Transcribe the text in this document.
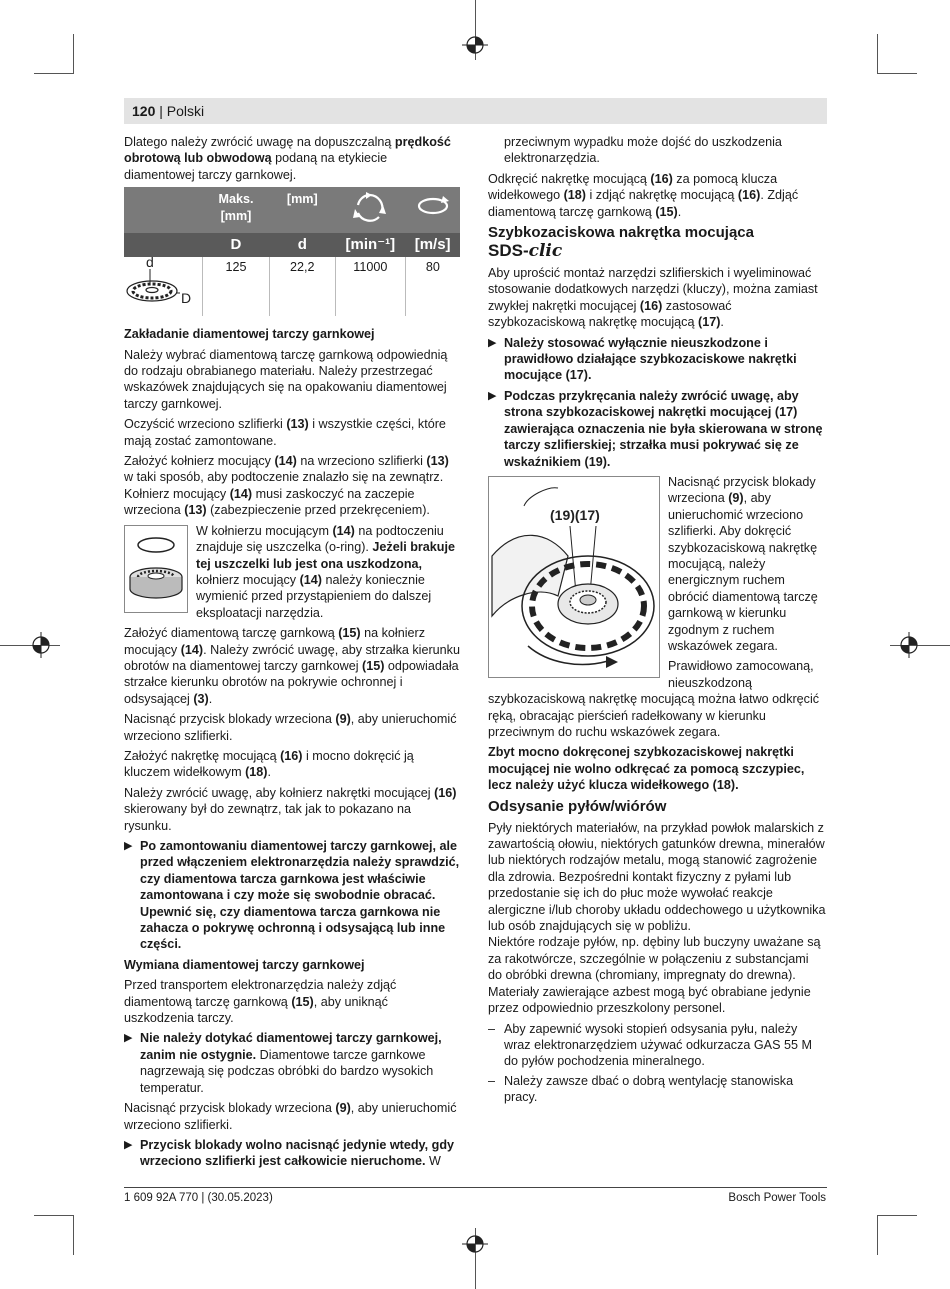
120 | Polski

Dlatego należy zwrócić uwagę na dopuszczalną prędkość obrotową lub obwodową podaną na etykiecie diamentowej tarczy garnkowej.

	Maks. [mm]	[mm]		
	D	d	[min⁻¹]	[m/s]

d
D	125	22,2	11000	80

Zakładanie diamentowej tarczy garnkowej

Należy wybrać diamentową tarczę garnkową odpowiednią do rodzaju obrabianego materiału. Należy przestrzegać wskazówek znajdujących się na opakowaniu diamentowej tarczy garnkowej.

Oczyścić wrzeciono szlifierki (13) i wszystkie części, które mają zostać zamontowane.

Założyć kołnierz mocujący (14) na wrzeciono szlifierki (13) w taki sposób, aby podtoczenie znalazło się na zewnątrz. Kołnierz mocujący (14) musi zaskoczyć na zaczepie wrzeciona (13) (zabezpieczenie przed przekręceniem).

W kołnierzu mocującym (14) na podtoczeniu znajduje się uszczelka (o-ring). Jeżeli brakuje tej uszczelki lub jest ona uszkodzona, kołnierz mocujący (14) należy koniecznie wymienić przed przystąpieniem do dalszej eksploatacji narzędzia.

Założyć diamentową tarczę garnkową (15) na kołnierz mocujący (14). Należy zwrócić uwagę, aby strzałka kierunku obrotów na diamentowej tarczy garnkowej (15) odpowiadała strzałce kierunku obrotów na pokrywie ochronnej i odsysającej (3).

Nacisnąć przycisk blokady wrzeciona (9), aby unieruchomić wrzeciono szlifierki.

Założyć nakrętkę mocującą (16) i mocno dokręcić ją kluczem widełkowym (18).

Należy zwrócić uwagę, aby kołnierz nakrętki mocującej (16) skierowany był do zewnątrz, tak jak to pokazano na rysunku.

▶ Po zamontowaniu diamentowej tarczy garnkowej, ale przed włączeniem elektronarzędzia należy sprawdzić, czy diamentowa tarcza garnkowa jest właściwie zamontowana i czy może się swobodnie obracać. Upewnić się, czy diamentowa tarcza garnkowa nie zahacza o pokrywę ochronną i odsysającą lub inne części.

Wymiana diamentowej tarczy garnkowej

Przed transportem elektronarzędzia należy zdjąć diamentową tarczę garnkową (15), aby uniknąć uszkodzenia tarczy.

▶ Nie należy dotykać diamentowej tarczy garnkowej, zanim nie ostygnie. Diamentowe tarcze garnkowe nagrzewają się podczas obróbki do bardzo wysokich temperatur.

Nacisnąć przycisk blokady wrzeciona (9), aby unieruchomić wrzeciono szlifierki.

▶ Przycisk blokady wolno nacisnąć jedynie wtedy, gdy wrzeciono szlifierki jest całkowicie nieruchome. W

przeciwnym wypadku może dojść do uszkodzenia elektronarzędzia.

Odkręcić nakrętkę mocującą (16) za pomocą klucza widełkowego (18) i zdjąć nakrętkę mocującą (16). Zdjąć diamentową tarczę garnkową (15).

Szybkozaciskowa nakrętka mocująca
SDS-clic

Aby uprościć montaż narzędzi szlifierskich i wyeliminować stosowanie dodatkowych narzędzi (kluczy), można zamiast zwykłej nakrętki mocującej (16) zastosować szybkozaciskową nakrętkę mocującą (17).

▶ Należy stosować wyłącznie nieuszkodzone i prawidłowo działające szybkozaciskowe nakrętki mocujące (17).
▶ Podczas przykręcania należy zwrócić uwagę, aby strona szybkozaciskowej nakrętki mocującej (17) zawierająca oznaczenia nie była skierowana w stronę tarczy szlifierskiej; strzałka musi pokrywać się ze wskaźnikiem (19).
(19)(17)

Nacisnąć przycisk blokady wrzeciona (9), aby unieruchomić wrzeciono szlifierki. Aby dokręcić szybkozaciskową nakrętkę mocującą, należy energicznym ruchem obrócić diamentową tarczę garnkową w kierunku zgodnym z ruchem wskazówek zegara.

Prawidłowo zamocowaną, nieuszkodzoną szybkozaciskową nakrętkę mocującą można łatwo odkręcić ręką, obracając pierścień radełkowany w kierunku przeciwnym do ruchu wskazówek zegara.

Zbyt mocno dokręconej szybkozaciskowej nakrętki mocującej nie wolno odkręcać za pomocą szczypiec, lecz należy użyć klucza widełkowego (18).

Odsysanie pyłów/wiórów

Pyły niektórych materiałów, na przykład powłok malarskich z zawartością ołowiu, niektórych gatunków drewna, minerałów lub niektórych rodzajów metalu, mogą stanowić zagrożenie dla zdrowia. Bezpośredni kontakt fizyczny z pyłami lub przedostanie się ich do płuc może wywołać reakcje alergiczne i/lub choroby układu oddechowego u użytkownika lub osób znajdujących się w pobliżu.

Niektóre rodzaje pyłów, np. dębiny lub buczyny uważane są za rakotwórcze, szczególnie w połączeniu z substancjami do obróbki drewna (chromiany, impregnaty do drewna). Materiały zawierające azbest mogą być obrabiane jedynie przez odpowiednio przeszkolony personel.

– Aby zapewnić wysoki stopień odsysania pyłu, należy wraz elektronarzędziem używać odkurzacza GAS 55 M do pyłów pochodzenia mineralnego.
– Należy zawsze dbać o dobrą wentylację stanowiska pracy.
1 609 92A 770 | (30.05.2023)	Bosch Power Tools
